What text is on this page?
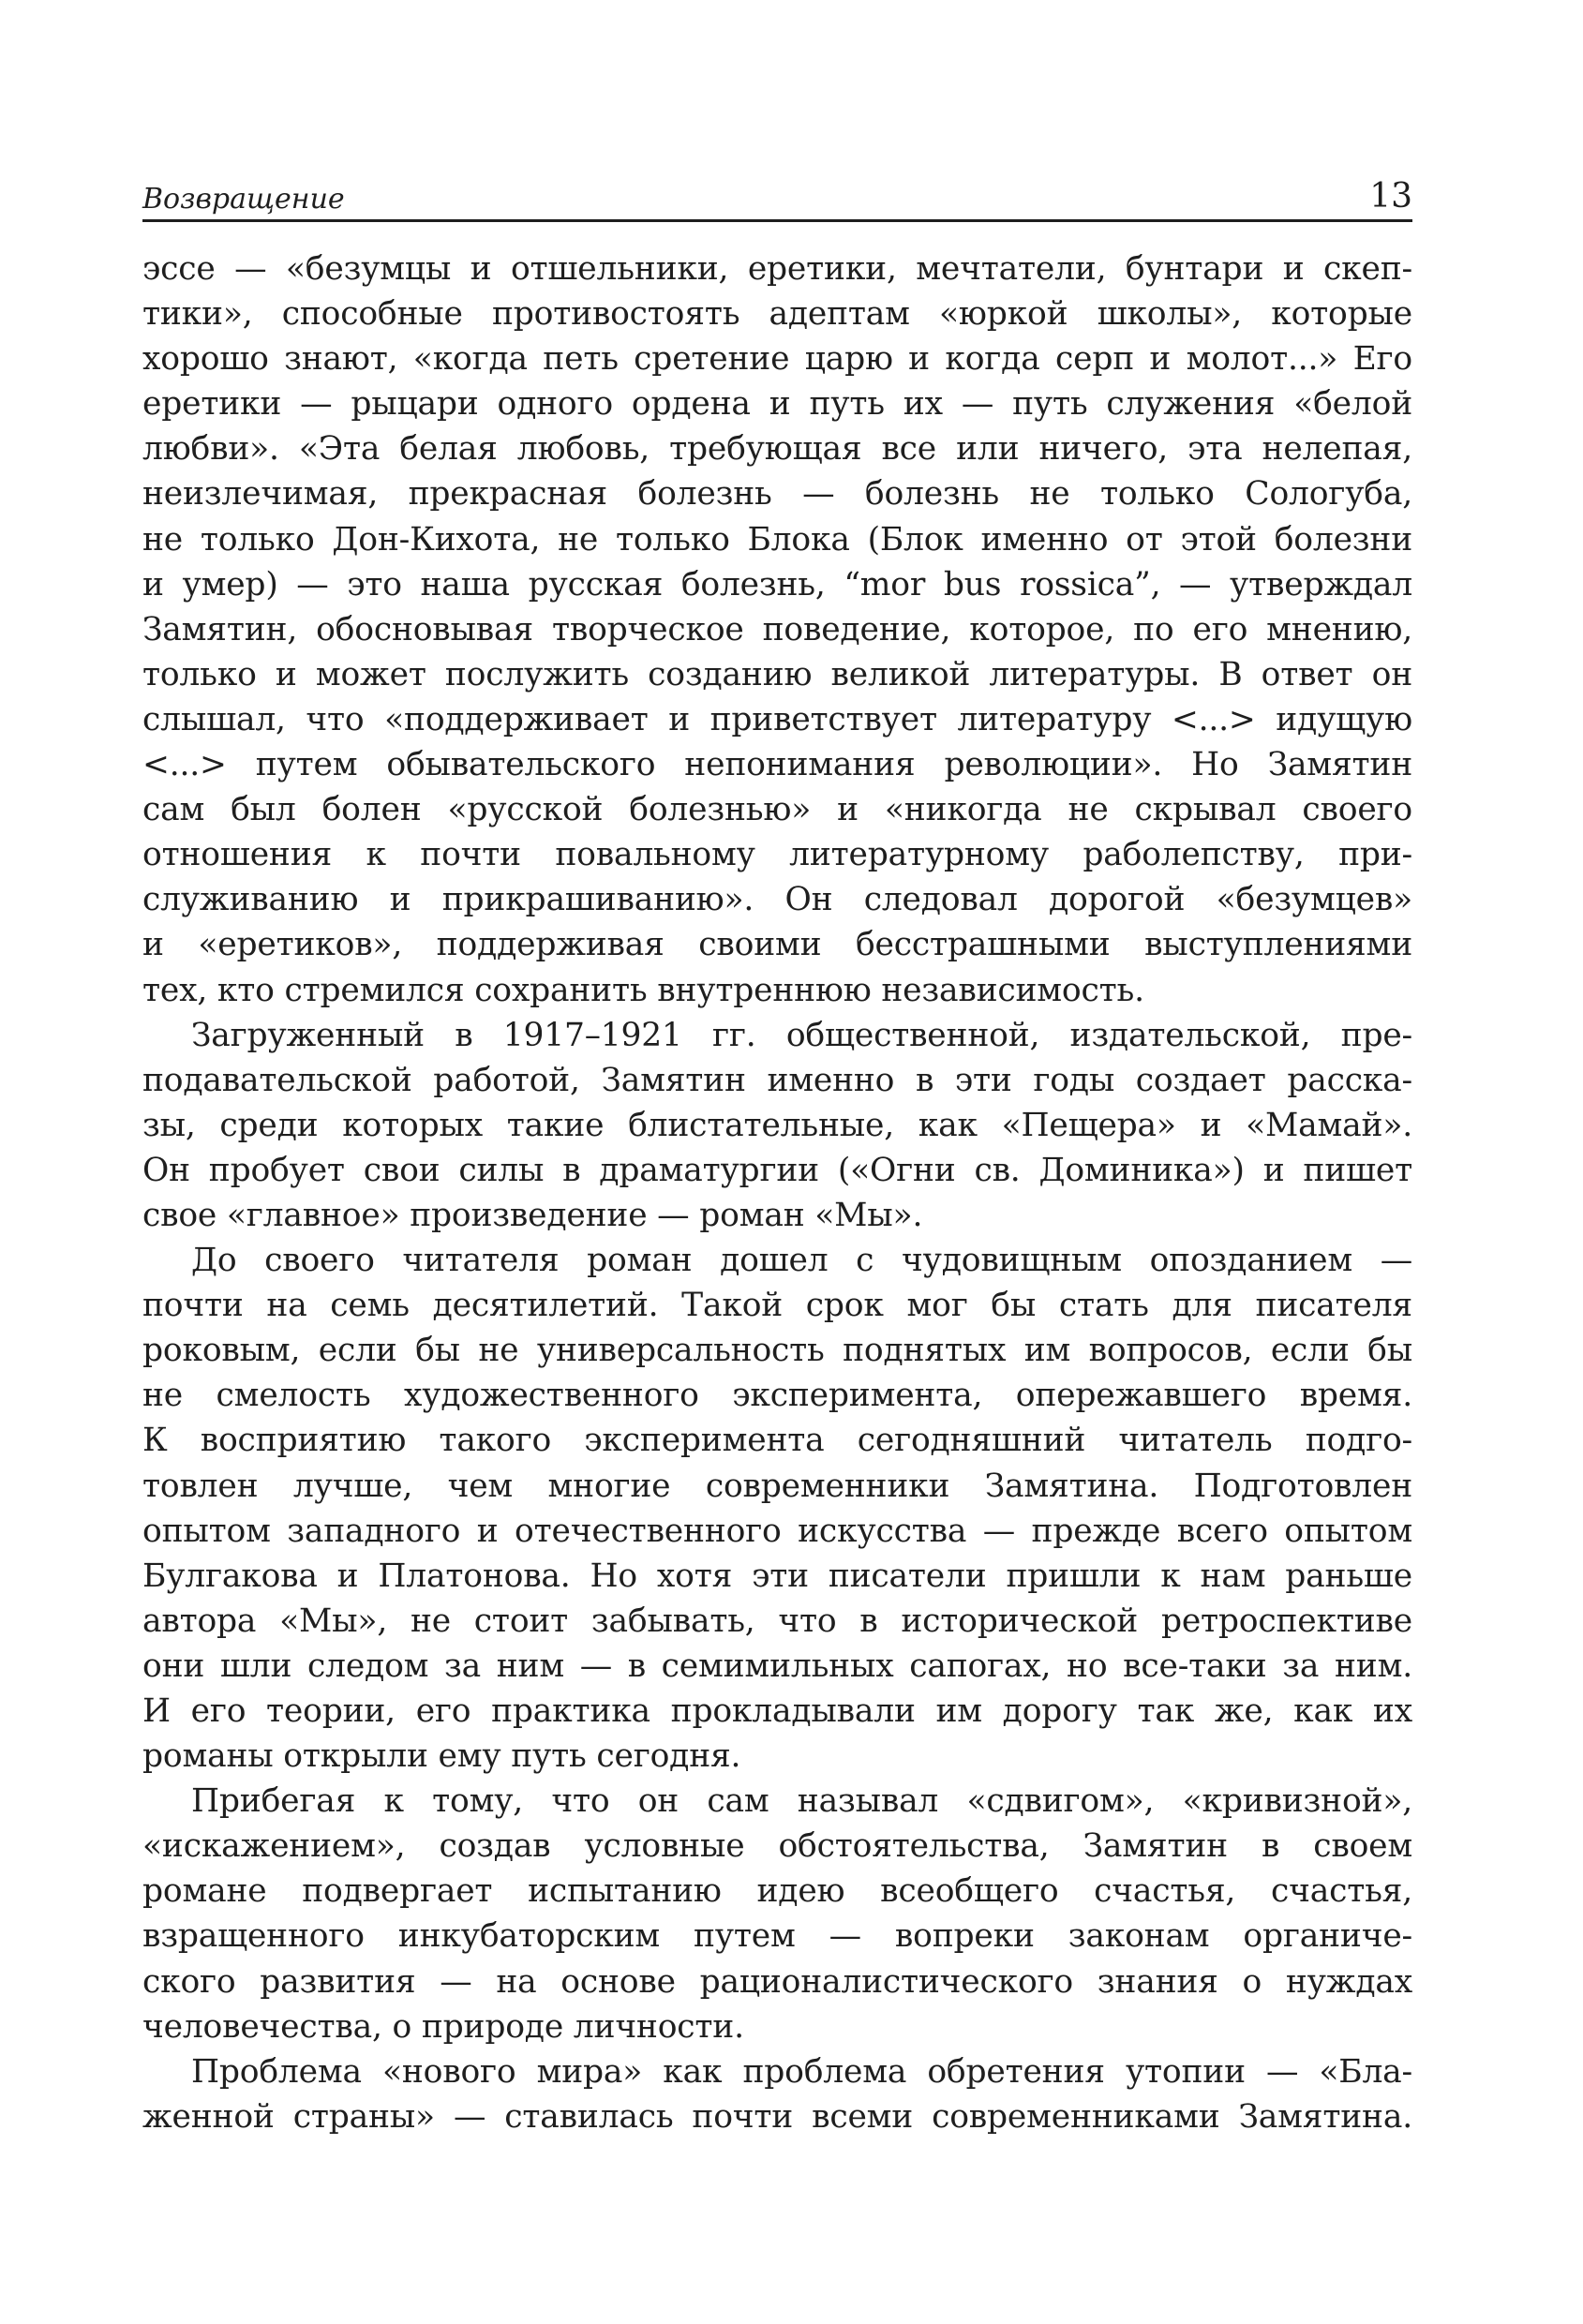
Возвращение	13
эссе — «безумцы и отшельники, еретики, мечтатели, бунтари и скеп-
тики», способные противостоять адептам «юркой школы», которые
хорошо знают, «когда петь сретение царю и когда серп и молот...» Его
еретики — рыцари одного ордена и путь их — путь служения «белой
любви». «Эта белая любовь, требующая все или ничего, эта нелепая,
неизлечимая, прекрасная болезнь — болезнь не только Сологуба,
не только Дон-Кихота, не только Блока (Блок именно от этой болезни
и умер) — это наша русская болезнь, “mor bus rossica”, — утверждал
Замятин, обосновывая творческое поведение, которое, по его мнению,
только и может послужить созданию великой литературы. В ответ он
слышал, что «поддерживает и приветствует литературу <...> идущую
<...> путем обывательского непонимания революции». Но Замятин
сам был болен «русской болезнью» и «никогда не скрывал своего
отношения к почти повальному литературному раболепству, при-
служиванию и прикрашиванию». Он следовал дорогой «безумцев»
и «еретиков», поддерживая своими бесстрашными выступлениями
тех, кто стремился сохранить внутреннюю независимость.
Загруженный в 1917–1921 гг. общественной, издательской, пре-
подавательской работой, Замятин именно в эти годы создает расска-
зы, среди которых такие блистательные, как «Пещера» и «Мамай».
Он пробует свои силы в драматургии («Огни св. Доминика») и пишет
свое «главное» произведение — роман «Мы».
До своего читателя роман дошел с чудовищным опозданием —
почти на семь десятилетий. Такой срок мог бы стать для писателя
роковым, если бы не универсальность поднятых им вопросов, если бы
не смелость художественного эксперимента, опережавшего время.
К восприятию такого эксперимента сегодняшний читатель подго-
товлен лучше, чем многие современники Замятина. Подготовлен
опытом западного и отечественного искусства — прежде всего опытом
Булгакова и Платонова. Но хотя эти писатели пришли к нам раньше
автора «Мы», не стоит забывать, что в исторической ретроспективе
они шли следом за ним — в семимильных сапогах, но все-таки за ним.
И его теории, его практика прокладывали им дорогу так же, как их
романы открыли ему путь сегодня.
Прибегая к тому, что он сам называл «сдвигом», «кривизной»,
«искажением», создав условные обстоятельства, Замятин в своем
романе подвергает испытанию идею всеобщего счастья, счастья,
взращенного инкубаторским путем — вопреки законам органиче-
ского развития — на основе рационалистического знания о нуждах
человечества, о природе личности.
Проблема «нового мира» как проблема обретения утопии — «Бла-
женной страны» — ставилась почти всеми современниками Замятина.
